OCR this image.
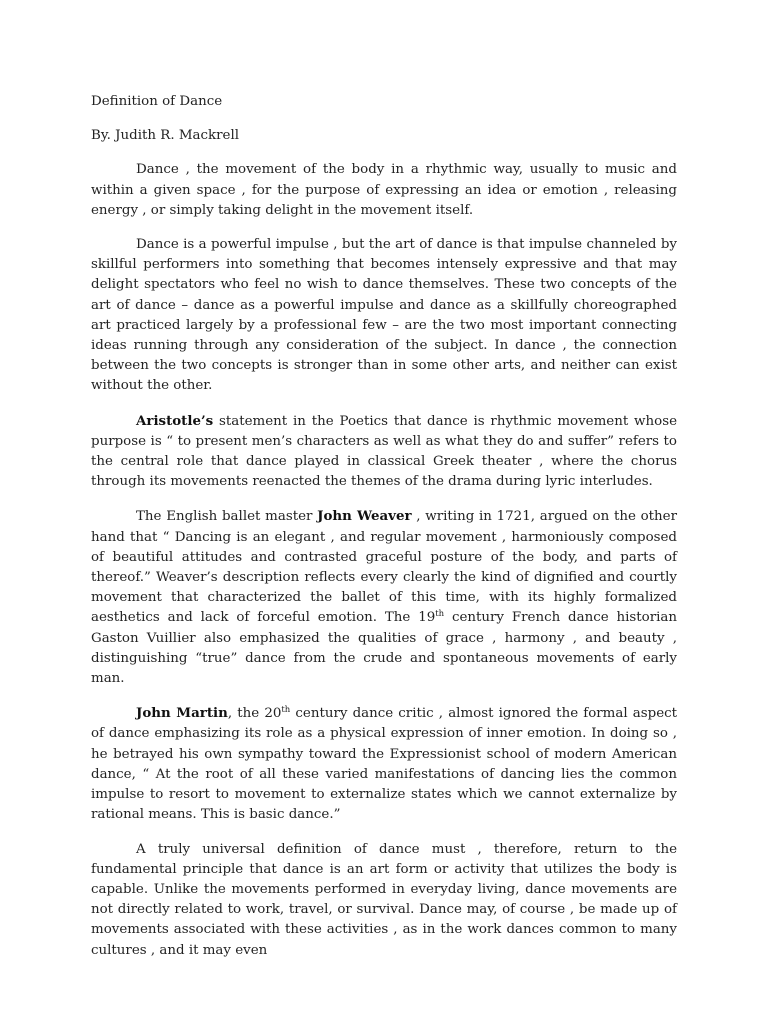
Definition of Dance
By. Judith R. Mackrell

Dance , the movement of the body in a rhythmic way, usually to music and within a given space , for the purpose of expressing an idea or emotion , releasing energy , or simply taking delight in the movement itself.

Dance is a powerful impulse , but the art of dance is that impulse channeled by skillful performers into something that becomes intensely expressive and that may delight spectators who feel no wish to dance themselves. These two concepts of the art of dance – dance as a powerful impulse and dance as a skillfully choreographed art practiced largely by a professional few – are the two most important connecting ideas running through any consideration of the subject. In dance , the connection between the two concepts is stronger than in some other arts, and neither can exist without the other.

Aristotle’s statement in the Poetics that dance is rhythmic movement whose purpose is “ to present men’s characters as well as what they do and suffer” refers to the central role that dance played in classical Greek theater , where the chorus through its movements reenacted the themes of the drama during lyric interludes.

The English ballet master John Weaver , writing in 1721, argued on the other hand that “ Dancing is an elegant , and regular movement , harmoniously composed of beautiful attitudes and contrasted graceful posture of the body, and parts of thereof.” Weaver’s description reflects every clearly the kind of dignified and courtly movement that characterized the ballet of this time, with its highly formalized aesthetics and lack of forceful emotion. The 19th century French dance historian Gaston Vuillier also emphasized the qualities of grace , harmony , and beauty , distinguishing “true” dance from the crude and spontaneous movements of early man.

John Martin, the 20th century dance critic , almost ignored the formal aspect of dance emphasizing its role as a physical expression of inner emotion. In doing so , he betrayed his own sympathy toward the Expressionist school of modern American dance, “ At the root of all these varied manifestations of dancing lies the common impulse to resort to movement to externalize states which we cannot externalize by rational means. This is basic dance.”

A truly universal definition of dance must , therefore, return to the fundamental principle that dance is an art form or activity that utilizes the body is capable. Unlike the movements performed in everyday living, dance movements are not directly related to work, travel, or survival. Dance may, of course , be made up of movements associated with these activities , as in the work dances common to many cultures , and it may even
